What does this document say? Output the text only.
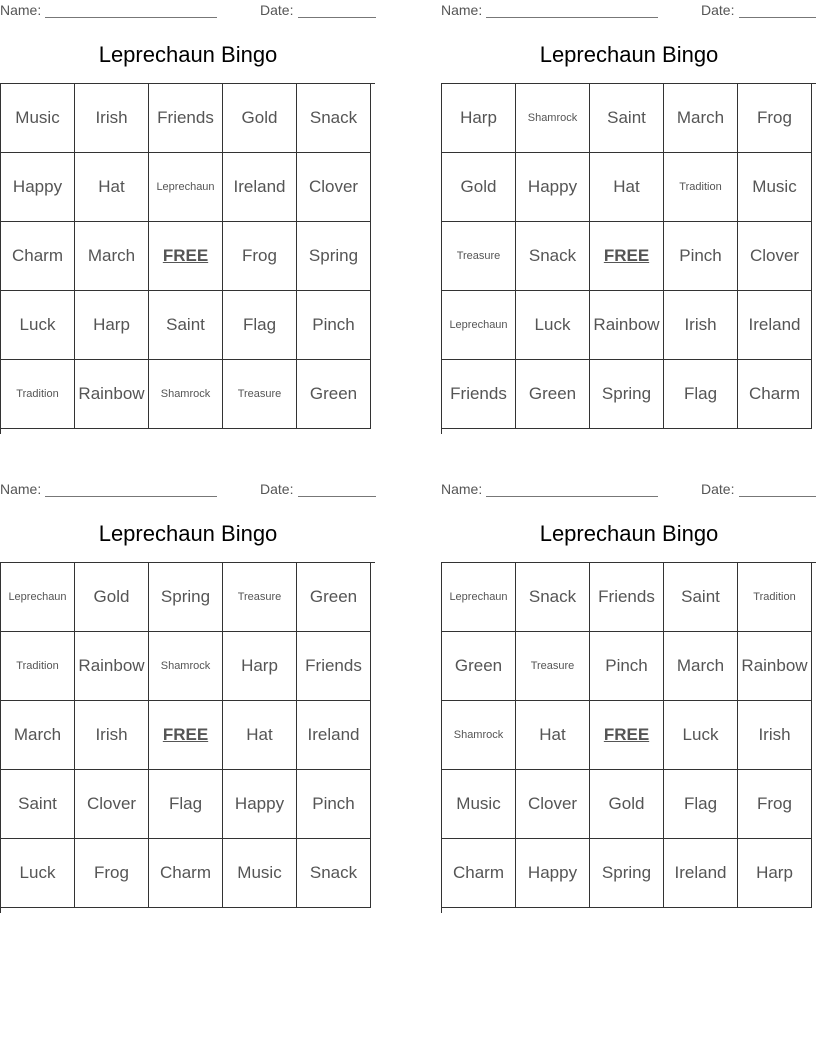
Name:	Date:
Leprechaun Bingo
Music	Irish	Friends	Gold	Snack
Happy	Hat	Leprechaun	Ireland	Clover
Charm	March	FREE	Frog	Spring
Luck	Harp	Saint	Flag	Pinch
Tradition	Rainbow	Shamrock	Treasure	Green
Name:	Date:
Leprechaun Bingo
Harp	Shamrock	Saint	March	Frog
Gold	Happy	Hat	Tradition	Music
Treasure	Snack	FREE	Pinch	Clover
Leprechaun	Luck	Rainbow	Irish	Ireland
Friends	Green	Spring	Flag	Charm
Name:	Date:
Leprechaun Bingo
Leprechaun	Gold	Spring	Treasure	Green
Tradition	Rainbow	Shamrock	Harp	Friends
March	Irish	FREE	Hat	Ireland
Saint	Clover	Flag	Happy	Pinch
Luck	Frog	Charm	Music	Snack
Name:	Date:
Leprechaun Bingo
Leprechaun	Snack	Friends	Saint	Tradition
Green	Treasure	Pinch	March	Rainbow
Shamrock	Hat	FREE	Luck	Irish
Music	Clover	Gold	Flag	Frog
Charm	Happy	Spring	Ireland	Harp
